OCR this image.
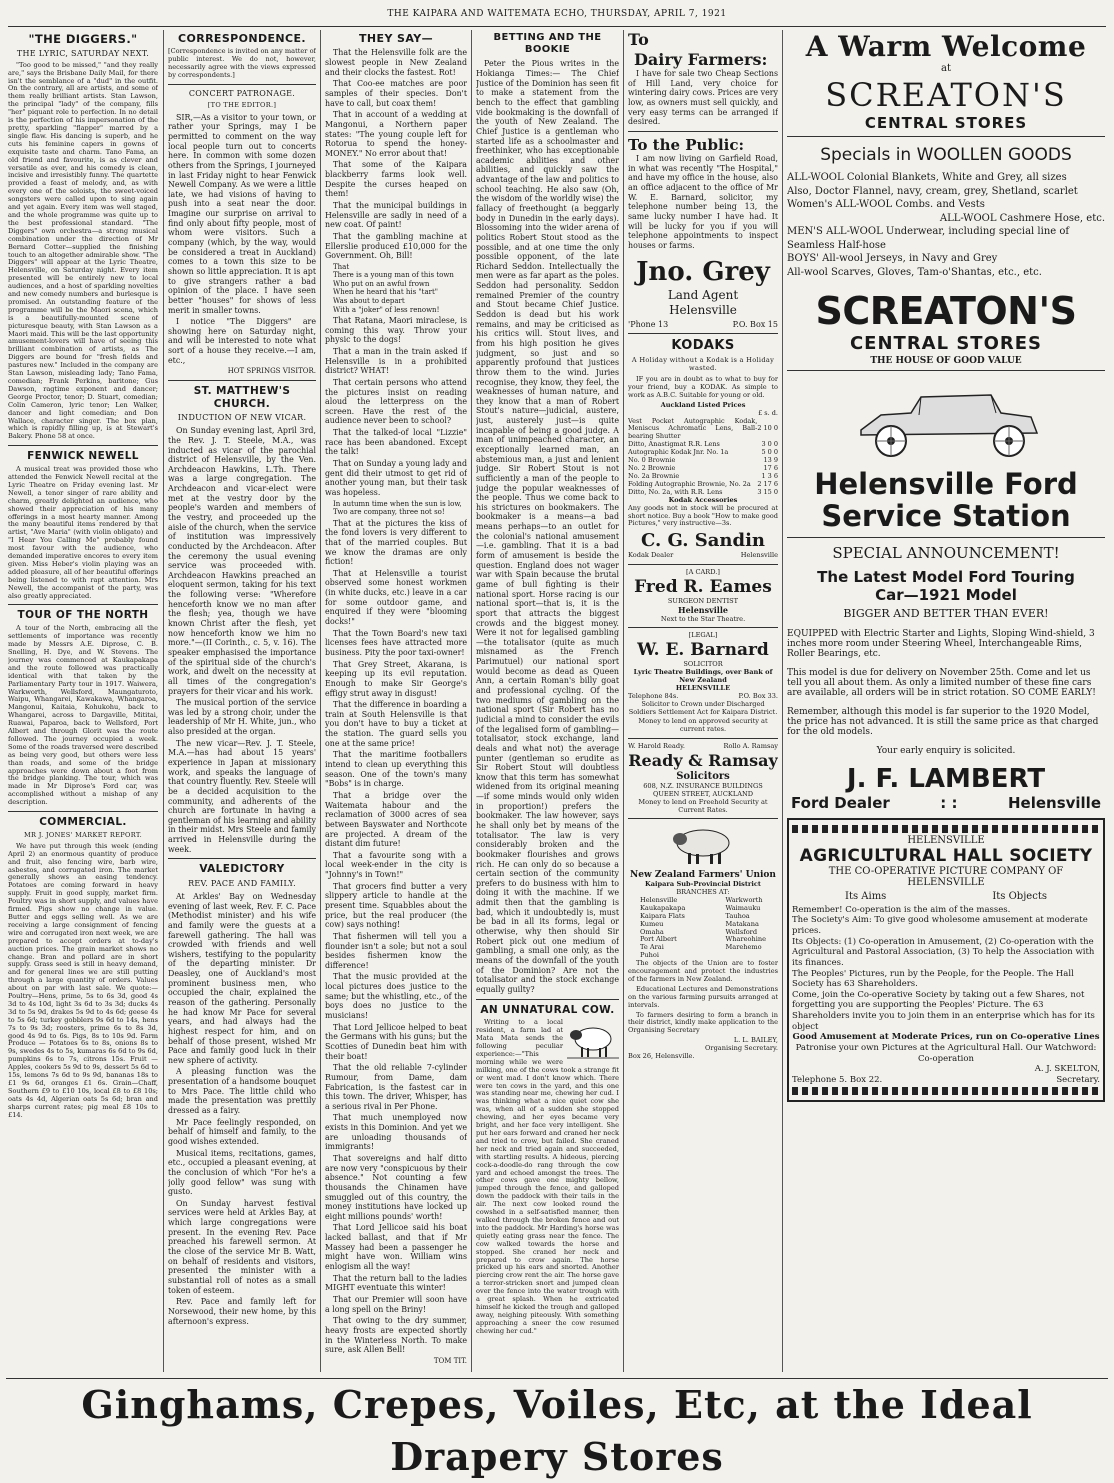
THE KAIPARA AND WAITEMATA ECHO, THURSDAY, APRIL 7, 1921
"THE DIGGERS."
THE LYRIC, SATURDAY NEXT.

"Too good to be missed," "and they really are," says the Brisbane Daily Mail, for there isn't the semblance of a "dud" in the outfit. On the contrary, all are artists, and some of them really brilliant artists. Stan Lawson, the principal "lady" of the company, fills "her" piquant role to perfection. In no detail is the perfection of his impersonation of the pretty, sparkling "flapper" marred by a single flaw. His dancing is superb, and he cuts his feminine capers in gowns of exquisite taste and charm. Tano Fama, an old friend and favourite, is as clever and versatile as ever, and his comedy is clean, incisive and irresistibly funny. The quartette provided a feast of melody, and, as with every one of the soloists, the sweet-voiced songsters were called upon to sing again and yet again. Every item was well staged, and the whole programme was quite up to the best professional standard. "The Diggers" own orchestra—a strong musical combination under the direction of Mr Bernard Cotter—supplied the finishing touch to an altogether admirable show. "The Diggers" will appear at the Lyric Theatre, Helensville, on Saturday night. Every item presented will be entirely new to local audiences, and a host of sparkling novelties and new comedy numbers and burlesque is promised. An outstanding feature of the programme will be the Maori scena, which is a beautifully-mounted scene of picturesque beauty, with Stan Lawson as a Maori maid. This will be the last opportunity amusement-lovers will have of seeing this brilliant combination of artists, as The Diggers are bound for "fresh fields and pastures new." Included in the company are Stan Lawson, misleading lady; Tano Fama, comedian; Frank Perkins, baritone; Gus Dawson, ragtime exponent and dancer; George Proctor, tenor; D. Stuart, comedian; Colin Cameron, lyric tenor; Len Walker, dancer and light comedian; and Don Wallace, character singer. The box plan, which is rapidly filling up, is at Stewart's Bakery. Phone 58 at once.

FENWICK NEWELL

A musical treat was provided those who attended the Fenwick Newell recital at the Lyric Theatre on Friday evening last. Mr Newell, a tenor singer of rare ability and charm, greatly delighted an audience, who showed their appreciation of his many offerings in a most hearty manner. Among the many beautiful items rendered by that artist, "Ave Maria" (with violin obligato) and "I Hear You Calling Me" probably found most favour with the audience, who demanded imperative encores to every item given. Miss Heber's violin playing was an added pleasure, all of her beautiful offerings being listened to with rapt attention. Mrs Newell, the accompanist of the party, was also greatly appreciated.

TOUR OF THE NORTH

A tour of the North, embracing all the settlements of importance was recently made by Messrs A.E. Diprose, C. B. Snelling, H. Dye, and W. Stevens. The journey was commenced at Kaukapakapa and the route followed was practically identical with that taken by the Parliamentary Party tour in 1917. Waiwera, Warkworth, Wellsford, Maungaturoto, Waipu, Whangarei, Kawakawa, Whangaroa, Mangonui, Kaitaia, Kohukohu, back to Whangarei, across to Dargaville, Mititai, Ruawai, Paparoa, back to Wellsford, Port Albert and through Glorit was the route followed. The journey occupied a week. Some of the roads traversed were described as being very good, but others were less than roads, and some of the bridge approaches were down about a foot from the bridge planking. The tour, which was made in Mr Diprose's Ford car, was accomplished without a mishap of any description.

COMMERCIAL.
MR J. JONES' MARKET REPORT.

We have put through this week (ending April 2) an enormous quantity of produce and fruit, also fencing wire, barb wire, asbestos, and corrugated iron. The market generally shows an easing tendency. Potatoes are coming forward in heavy supply. Fruit in good supply, market firm. Poultry was in short supply, and values have firmed. Pigs show no change in value. Butter and eggs selling well. As we are receiving a large consignment of fencing wire and corrugated iron next week, we are prepared to accept orders at to-day's auction prices. The grain market shows no change. Bran and pollard are in short supply. Grass seed is still in heavy demand, and for general lines we are still putting through a large quantity of orders. Values about on par with last sale. We quote:— Poultry—Hens, prime, 5s to 6s 3d, good 4s 3d to 4s 10d, light 3s 6d to 3s 3d; ducks 4s 3d to 5s 9d, drakes 5s 9d to 4s 6d; geese 4s to 5s 6d; turkey gobblers 9s 6d to 14s, hens 7s to 9s 3d; roosters, prime 6s to 8s 3d, good 4s 9d to 6s. Pigs, 8s to 10s 9d. Farm Produce — Potatoes 6s to 8s, onions 8s to 9s, swedes 4s to 5s, kumaras 6s 6d to 9s 6d, pumpkins 6s to 7s, citrons 15s. Fruit — Apples, cookers 5s 9d to 9s, dessert 5s 6d to 15s, lemons 7s 6d to 9s 9d, bananas 18s to £1 9s 6d, oranges £1 6s. Grain—Chaff, Southern £9 to £10 10s, local £8 to £8 10s; oats 4s 4d, Algerian oats 5s 6d; bran and sharps current rates; pig meal £8 10s to £14.

CORRESPONDENCE.

[Correspondence is invited on any matter of public interest. We do not, however, necessarily agree with the views expressed by correspondents.]

CONCERT PATRONAGE.
[TO THE EDITOR.]

SIR,—As a visitor to your town, or rather your Springs, may I be permitted to comment on the way local people turn out to concerts here. In common with some dozen others from the Springs, I journeyed in last Friday night to hear Fenwick Newell Company. As we were a little late, we had visions of having to push into a seat near the door. Imagine our surprise on arrival to find only about fifty people, most of whom were visitors. Such a company (which, by the way, would be considered a treat in Auckland) comes to a town this size to be shown so little appreciation. It is apt to give strangers rather a bad opinion of the place. I have seen better "houses" for shows of less merit in smaller towns.

I notice "The Diggers" are showing here on Saturday night, and will be interested to note what sort of a house they receive.—I am, etc.,

HOT SPRINGS VISITOR.
ST. MATTHEW'S CHURCH.
INDUCTION OF NEW VICAR.

On Sunday evening last, April 3rd, the Rev. J. T. Steele, M.A., was inducted as vicar of the parochial district of Helensville, by the Ven. Archdeacon Hawkins, L.Th. There was a large congregation. The Archdeacon and vicar-elect were met at the vestry door by the people's warden and members of the vestry, and proceeded up the aisle of the church, when the service of institution was impressively conducted by the Archdeacon. After the ceremony the usual evening service was proceeded with. Archdeacon Hawkins preached an eloquent sermon, taking for his text the following verse: "Wherefore henceforth know we no man after the flesh; yea, though we have known Christ after the flesh, yet now henceforth know we him no more."—(II Corinth., c. 5, v. 16). The speaker emphasised the importance of the spiritual side of the church's work, and dwelt on the necessity at all times of the congregation's prayers for their vicar and his work.

The musical portion of the service was led by a strong choir, under the leadership of Mr H. White, jun., who also presided at the organ.

The new vicar—Rev. J. T. Steele, M.A.—has had about 15 years' experience in Japan at missionary work, and speaks the language of that country fluently. Rev. Steele will be a decided acquisition to the community, and adherents of the church are fortunate in having a gentleman of his learning and ability in their midst. Mrs Steele and family arrived in Helensville during the week.

VALEDICTORY
REV. PACE AND FAMILY.

At Arkles' Bay on Wednesday evening of last week, Rev. F. C. Pace (Methodist minister) and his wife and family were the guests at a farewell gathering. The hall was crowded with friends and well wishers, testifying to the popularity of the departing minister. Dr Deasley, one of Auckland's most prominent business men, who occupied the chair, explained the reason of the gathering. Personally he had know Mr Pace for several years, and had always had the highest respect for him, and on behalf of those present, wished Mr Pace and family good luck in their new sphere of activity.

A pleasing function was the presentation of a handsome bouquet to Mrs Pace. The little child who made the presentation was prettily dressed as a fairy.

Mr Pace feelingly responded, on behalf of himself and family, to the good wishes extended.

Musical items, recitations, games, etc., occupied a pleasant evening, at the conclusion of which "For he's a jolly good fellow" was sung with gusto.

On Sunday harvest festival services were held at Arkles Bay, at which large congregations were present. In the evening Rev. Pace preached his farewell sermon. At the close of the service Mr B. Watt, on behalf of residents and visitors, presented the minister with a substantial roll of notes as a small token of esteem.

Rev. Pace and family left for Norsewood, their new home, by this afternoon's express.

THEY SAY—

That the Helensville folk are the slowest people in New Zealand and their clocks the fastest. Rot!

That Coo-ee matches are poor samples of their species. Don't have to call, but coax them!

That in account of a wedding at Mangonui, a Northern paper states: "The young couple left for Rotorua to spend the honey-MONEY." No error about that!

That some of the Kaipara blackberry farms look well. Despite the curses heaped on them!

That the municipal buildings in Helensville are sadly in need of a new coat. Of paint!

That the gambling machine at Ellerslie produced £10,000 for the Government. Oh, Bill!

That
There is a young man of this town
Who put on an awful frown
When he heard that his "tart"
Was about to depart
With a "joker" of less renown!

That Ratana, Maori miraclese, is coming this way. Throw your physic to the dogs!

That a man in the train asked if Helensville is in a prohibited district? WHAT!

That certain persons who attend the pictures insist on reading aloud the letterpress on the screen. Have the rest of the audience never been to school?

That the talked-of local "Lizzie" race has been abandoned. Except the talk!

That on Sunday a young lady and gent did their utmost to get rid of another young man, but their task was hopeless.

In autumn time when the sun is low,
Two are company, three not so!

That at the pictures the kiss of the fond lovers is very different to that of the married couples. But we know the dramas are only fiction!

That at Helensville a tourist observed some honest workmen (in white ducks, etc.) leave in a car for some outdoor game, and enquired if they were "blooming docks!"

That the Town Board's new taxi licenses fees have attracted more business. Pity the poor taxi-owner!

That Grey Street, Akarana, is keeping up its evil reputation. Enough to make Sir George's effigy strut away in disgust!

That the difference in boarding a train at South Helensville is that you don't have to buy a ticket at the station. The guard sells you one at the same price!

That the maritime footballers intend to clean up everything this season. One of the town's many "Bobs" is in charge.

That a bridge over the Waitemata habour and the reclamation of 3000 acres of sea between Bayswater and Northcote are projected. A dream of the distant dim future!

That a favourite song with a local week-ender in the city is "Johnny's in Town!"

That grocers find butter a very slippery article to handle at the present time. Squabbles about the price, but the real producer (the cow) says nothing!

That fishermen will tell you a flounder isn't a sole; but not a soul besides fishermen know the difference!

That the music provided at the local pictures does justice to the same; but the whistling, etc., of the boys does no justice to the musicians!

That Lord Jellicoe helped to beat the Germans with his guns; but the Scotties of Dunedin beat him with their boat!

That the old reliable 7-cylinder Rumour, from Dame, dam Fabrication, is the fastest car in this town. The driver, Whisper, has a serious rival in Per Phone.

That much unemployed now exists in this Dominion. And yet we are unloading thousands of immigrants!

That sovereigns and half ditto are now very "conspicuous by their absence." Not counting a few thousands the Chinamen have smuggled out of this country, the money institutions have locked up eight millions pounds' worth!

That Lord Jellicoe said his boat lacked ballast, and that if Mr Massey had been a passenger he might have won. William wins enlogism all the way!

That the return ball to the ladies MIGHT eventuate this winter!

That our Premier will soon have a long spell on the Briny!

That owing to the dry summer, heavy frosts are expected shortly in the Winterless North. To make sure, ask Allen Bell!

TOM TIT.
BETTING AND THE BOOKIE

Peter the Pious writes in the Hokianga Times:— The Chief Justice of the Dominion has seen fit to make a statement from the bench to the effect that gambling vide bookmaking is the downfall of the youth of New Zealand. The Chief Justice is a gentleman who started life as a schoolmaster and freethinker, who has exceptionable academic abilities and other abilities, and quickly saw the advantage of the law and politics to school teaching. He also saw (Oh, the wisdom of the worldly wise) the fallacy of freethought (a beggarly body in Dunedin in the early days). Blossoming into the wider arena of politics Robert Stout stood as the possible, and at one time the only possible opponent, of the late Richard Seddon. Intellectually the men were as far apart as the poles. Seddon had personality. Seddon remained Premier of the country and Stout became Chief Justice. Seddon is dead but his work remains, and may be criticised as his critics will. Stout lives, and from his high position he gives judgment, so just and so apparently profound that justices throw them to the wind. Juries recognise, they know, they feel, the weaknesses of human nature, and they know that a man of Robert Stout's nature—judicial, austere, just, austerely just—is quite incapable of being a good judge. A man of unimpeached character, an exceptionally learned man, an abstemious man, a just and lenient judge. Sir Robert Stout is not sufficiently a man of the people to judge the popular weaknesses of the people. Thus we come back to his strictures on bookmakers. The bookmaker is a means—a bad means perhaps—to an outlet for the colonial's national amusement—i.e. gambling. That it is a bad form of amusement is beside the question. England does not wager war with Spain because the brutal game of bull fighting is their national sport. Horse racing is our national sport—that is, it is the sport that attracts the biggest crowds and the biggest money. Were it not for legalised gambling—the totalisator (quite as much misnamed as the French Parimutuel) our national sport would become as dead as Queen Ann, a certain Roman's billy goat and professional cycling. Of the two mediums of gambling on the national sport (Sir Robert has no judicial a mind to consider the evils of the legalised form of gambling—totalisator, stock exchange, land deals and what not) the average punter (gentleman so erudite as Sir Robert Stout will doubtless know that this term has somewhat widened from its original meaning—if some minds would only widen in proportion!) prefers the bookmaker. The law however, says he shall only bet by means of the totalisator. The law is very considerably broken and the bookmaker flourishes and grows rich. He can only do so because a certain section of the community prefers to do business with him to doing it with the machine. If we admit then that the gambling is bad, which it undoubtedly is, must be bad in all its forms, legal or otherwise, why then should Sir Robert pick out one medium of gambling, a small one only, as the means of the downfall of the youth of the Dominion? Are not the totalisator and the stock exchange equally guilty?

AN UNNATURAL COW.

Writing to a local resident, a farm lad at Mata Mata sends the following peculiar experience:—"This morning while we were milking, one of the cows took a strange fit or went mad. I don't know which. There were ten cows in the yard, and this one was standing near me, chewing her cud. I was thinking what a nice quiet cow she was, when all of a sudden she stopped chewing, and her eyes became very bright, and her face very intelligent. She put her ears forward and craned her neck and tried to crow, but failed. She craned her neck and tried again and succeeded, with startling results. A hideous, piercing cock-a-doodle-do rang through the cow yard and echoed amongst the trees. The other cows gave one mighty bellow, jumped through the fence, and galloped down the paddock with their tails in the air. The next cow looked round the cowshed in a self-satisfied manner, then walked through the broken fence and out into the paddock. Mr Harding's horse was quietly eating grass near the fence. The cow walked towards the horse and stopped. She craned her neck and prepared to crow again. The horse pricked up his ears and snorted. Another piercing crow rent the air. The horse gave a terror-stricken snort and jumped clean over the fence into the water trough with a great splash. When he extricated himself he kicked the trough and galloped away, neighing piteously. With something approaching a sneer the cow resumed chewing her cud."

To
Dairy Farmers:

I have for sale two Cheap Sections of Hill Land, very choice for wintering dairy cows. Prices are very low, as owners must sell quickly, and very easy terms can be arranged if desired.

To the Public:

I am now living on Garfield Road, in what was recently "The Hospital," and have my office in the house, also an office adjacent to the office of Mr W. E. Barnard, solicitor, my telephone number being 13, the same lucky number I have had. It will be lucky for you if you will telephone appointments to inspect houses or farms.

Jno. Grey
Land Agent
Helensville
'Phone 13	P.O. Box 15
KODAKS
A Holiday without a Kodak is a Holiday wasted.

IF you are in doubt as to what to buy for your friend, buy a KODAK. As simple to work as A.B.C. Suitable for young or old.

Auckland Listed Prices
	£ s. d.
Vest Pocket Autographic Kodak, Meniscus Achromatic Lens, Ball-bearing Shutter	2 10 0
Ditto, Anastigmat R.R. Lens	3 0 0
Autographic Kodak Jnr. No. 1a	5 0 0
No. 0 Brownie	13 9
No. 2 Brownie	17 6
No. 2a Brownie	1 3 6
Folding Autographic Brownie, No. 2a	2 17 6
Ditto, No. 2a, with R.R. Lens	3 15 0
Kodak Accessories

Any goods not in stock will be procured at short notice. Buy a book "How to make good Pictures," very instructive—3s.

C. G. Sandin
Kodak Dealer	Helensville
[A CARD.]
Fred R. Eames
SURGEON DENTIST
Helensville
Next to the Star Theatre.
[LEGAL]
W. E. Barnard
SOLICITOR
Lyric Theatre Buildings, over Bank of New Zealand
HELENSVILLE
Telephone 84s.	P.O. Box 33.

Solicitor to Crown under Discharged Soldiers Settlement Act for Kaipara District.

Money to lend on approved security at current rates.

W. Harold Ready.	Rollo A. Ramsay
Ready & Ramsay
Solicitors
608, N.Z. INSURANCE BUILDINGS
QUEEN STREET, AUCKLAND

Money to lend on Freehold Security at Current Rates.

New Zealand Farmers' Union
Kaipara Sub-Provincial District
BRANCHES AT:
Helensville
Kaukapakapa
Kaipara Flats
Kumeu
Omaha
Port Albert
Te Arai
Puhoi
Warkworth
Waimauku
Tauhoa
Matakana
Wellsford
Whareohine
Marehemo

The objects of the Union are to foster encouragement and protect the industries of the farmers in New Zealand.

Educational Lectures and Demonstrations on the various farming pursuits arranged at intervals.

To farmers desiring to form a branch in their district, kindly make application to the Organising Secretary

L. L. BAILEY,
Organising Secretary.
Box 26, Helensville.
A Warm Welcome
at
SCREATON'S
CENTRAL STORES
Specials in WOOLLEN GOODS
ALL-WOOL Colonial Blankets, White and Grey, all sizes
Also, Doctor Flannel, navy, cream, grey, Shetland, scarlet
Women's ALL-WOOL Combs. and Vests
ALL-WOOL Cashmere Hose, etc.
MEN'S ALL-WOOL Underwear, including special line of Seamless Half-hose
BOYS' All-wool Jerseys, in Navy and Grey
All-wool Scarves, Gloves, Tam-o'Shantas, etc., etc.
SCREATON'S
CENTRAL STORES
THE HOUSE OF GOOD VALUE
Helensville Ford
Service Station
SPECIAL ANNOUNCEMENT!
The Latest Model Ford Touring
Car—1921 Model
BIGGER AND BETTER THAN EVER!

EQUIPPED with Electric Starter and Lights, Sloping Wind-shield, 3 inches more room under Steering Wheel, Interchangeable Rims, Roller Bearings, etc.

This model is due for delivery on November 25th. Come and let us tell you all about them. As only a limited number of these fine cars are available, all orders will be in strict rotation. SO COME EARLY!

Remember, although this model is far superior to the 1920 Model, the price has not advanced. It is still the same price as that charged for the old models.

Your early enquiry is solicited.
J. F. LAMBERT
Ford Dealer	: :	Helensville
HELENSVILLE
AGRICULTURAL HALL SOCIETY
THE CO-OPERATIVE PICTURE COMPANY OF HELENSVILLE
Its Aims	Its Objects
Remember! Co-operation is the aim of the masses.
The Society's Aim: To give good wholesome amusement at moderate prices.
Its Objects: (1) Co-operation in Amusement, (2) Co-operation with the Agricultural and Pastoral Association, (3) To help the Association with its finances.
The Peoples' Pictures, run by the People, for the People. The Hall Society has 63 Shareholders.
Come, join the Co-operative Society by taking out a few Shares, not forgetting you are supporting the Peoples' Picture. The 63 Shareholders invite you to join them in an enterprise which has for its object
Good Amusement at Moderate Prices, run on Co-operative Lines
Patronise your own Pictures at the Agricultural Hall. Our Watchword: Co-operation
A. J. SKELTON,
Telephone 5. Box 22.	Secretary.
Ginghams, Crepes, Voiles, Etc, at the Ideal Drapery Stores
